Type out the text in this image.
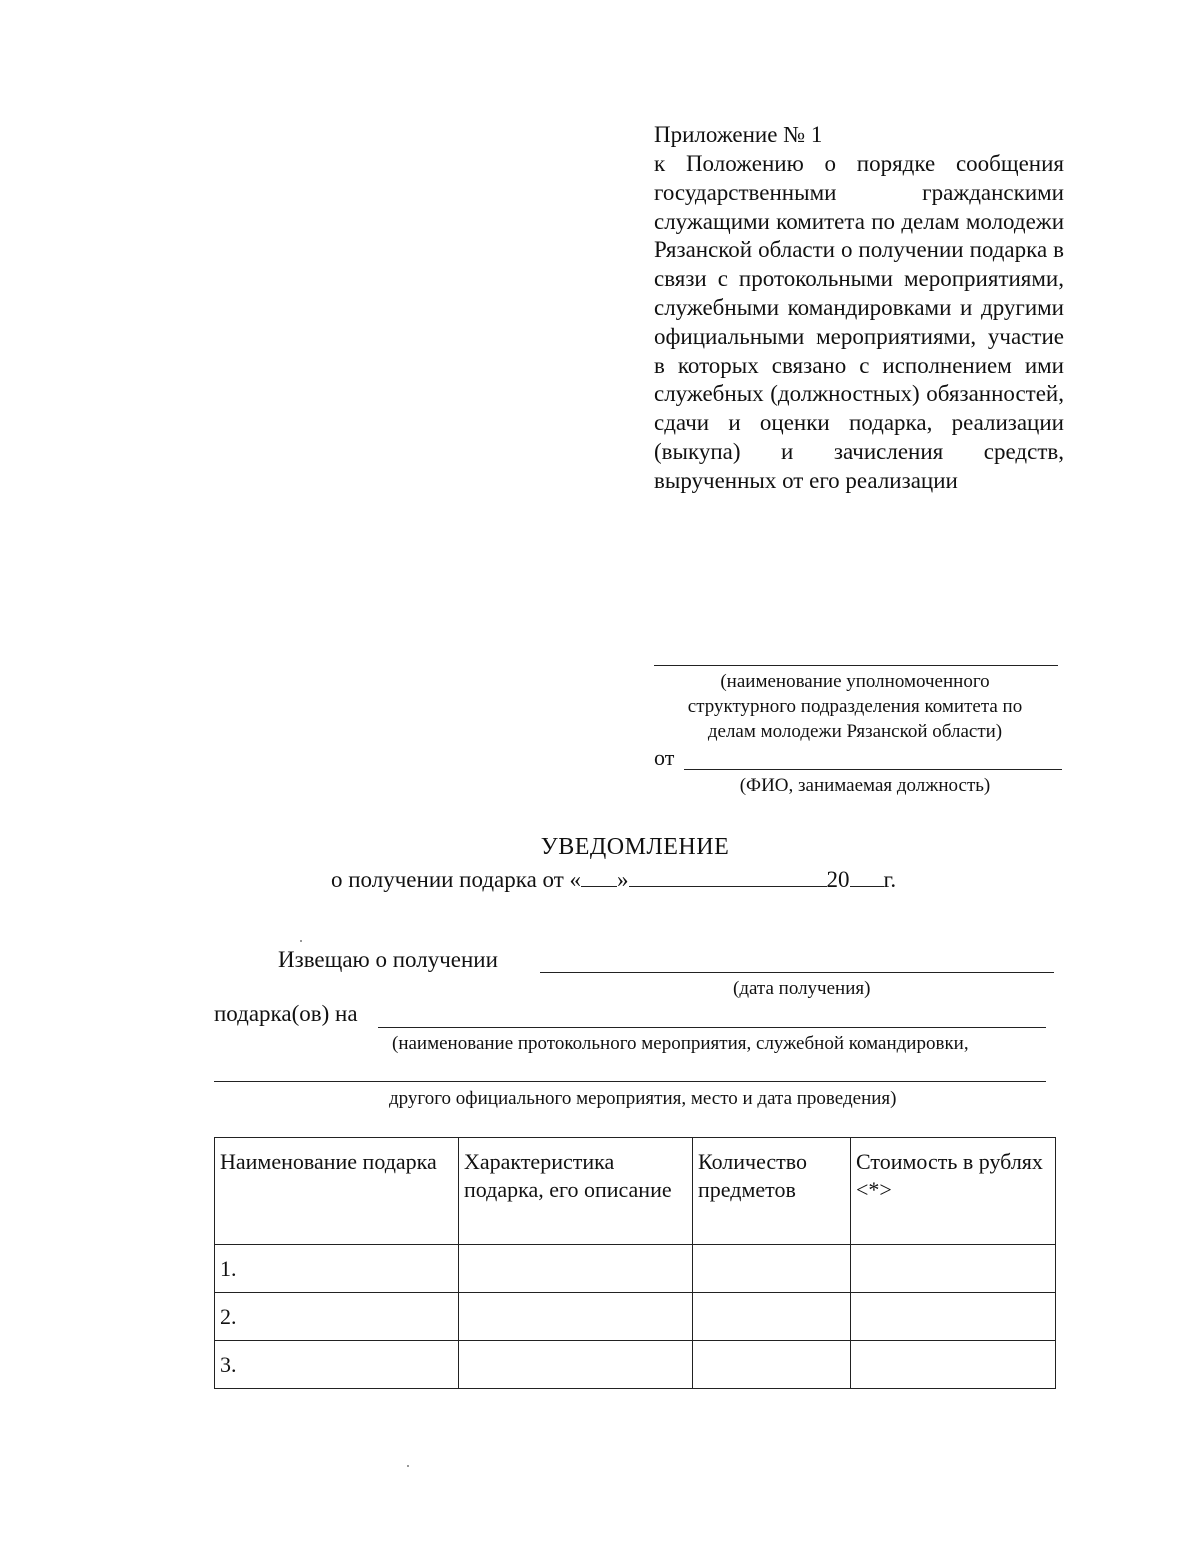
Приложение № 1
к Положению о порядке сообщения государственными гражданскими служащими комитета по делам молодежи Рязанской области о получении подарка в связи с протокольными мероприятиями, служебными командировками и другими официальными мероприятиями, участие в которых связано с исполнением ими служебных (должностных) обязанностей, сдачи и оценки подарка, реализации (выкупа) и зачисления средств, вырученных от его реализации
(наименование уполномоченного
структурного подразделения комитета по
делам молодежи Рязанской области)
от
(ФИО, занимаемая должность)
УВЕДОМЛЕНИЕ
о получении подарка от « »	20 г.
Извещаю о получении
(дата получения)
подарка(ов) на
(наименование протокольного мероприятия, служебной командировки,
другого официального мероприятия, место и дата проведения)
Наименование подарка	Характеристика подарка, его описание	Количество предметов	Стоимость в рублях <*>
1.			
2.			
3.			
